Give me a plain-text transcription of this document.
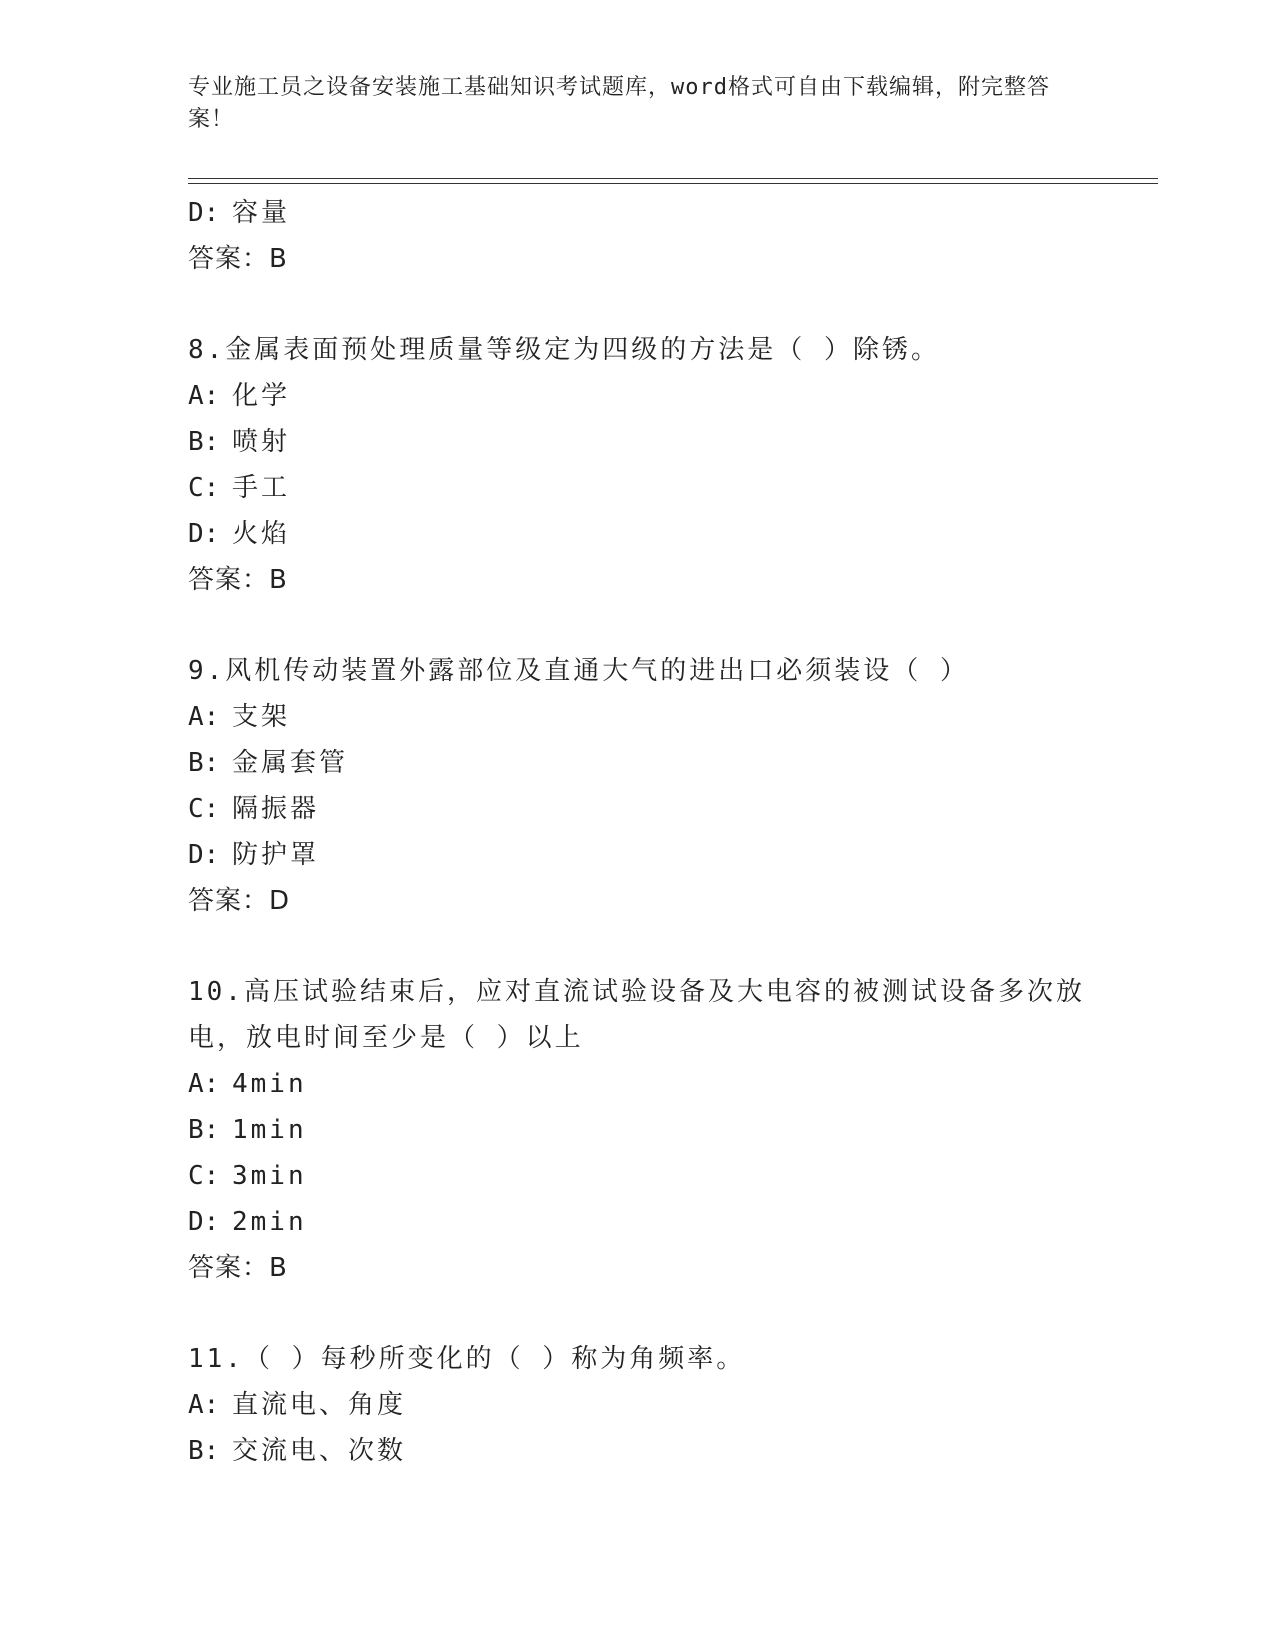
专业施工员之设备安装施工基础知识考试题库，word格式可自由下载编辑，附完整答案！
D: 容量
答案：B
8.金属表面预处理质量等级定为四级的方法是（ ）除锈。
A: 化学
B: 喷射
C: 手工
D: 火焰
答案：B
9.风机传动装置外露部位及直通大气的进出口必须装设（ ）
A: 支架
B: 金属套管
C: 隔振器
D: 防护罩
答案：D
10.高压试验结束后，应对直流试验设备及大电容的被测试设备多次放
电，放电时间至少是（ ）以上
A: 4min
B: 1min
C: 3min
D: 2min
答案：B
11.（ ）每秒所变化的（ ）称为角频率。
A: 直流电、角度
B: 交流电、次数
